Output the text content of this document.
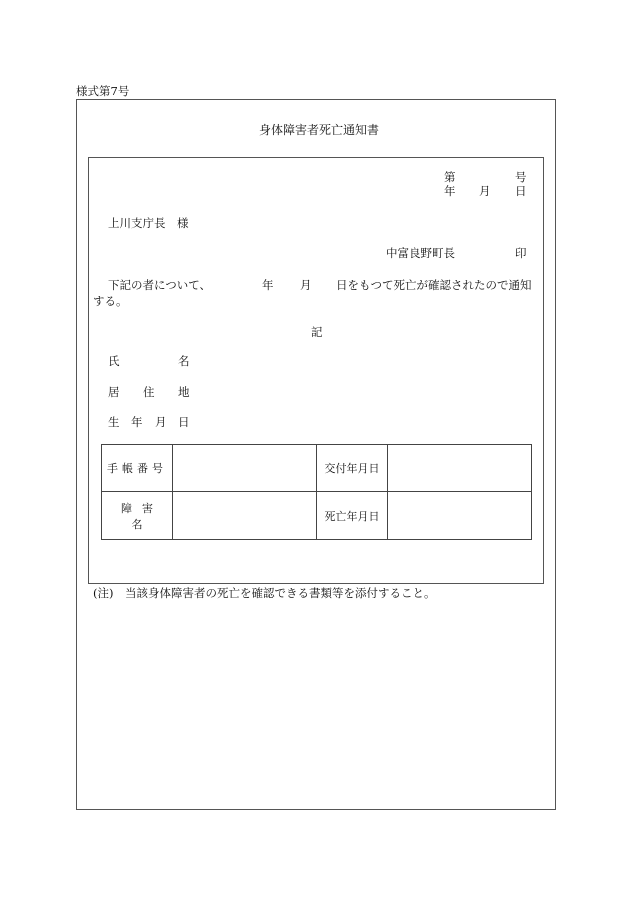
様式第7号
身体障害者死亡通知書
第	号
年 月 日
上川支庁長　様
中富良野町長	印
下記の者について、	年 月 日をもつて死亡が確認されたので通知
する。
記
氏	名
居 住 地
生 年 月 日
手帳番号		交付年月日	
障害名		死亡年月日	
(注)　当該身体障害者の死亡を確認できる書類等を添付すること。
